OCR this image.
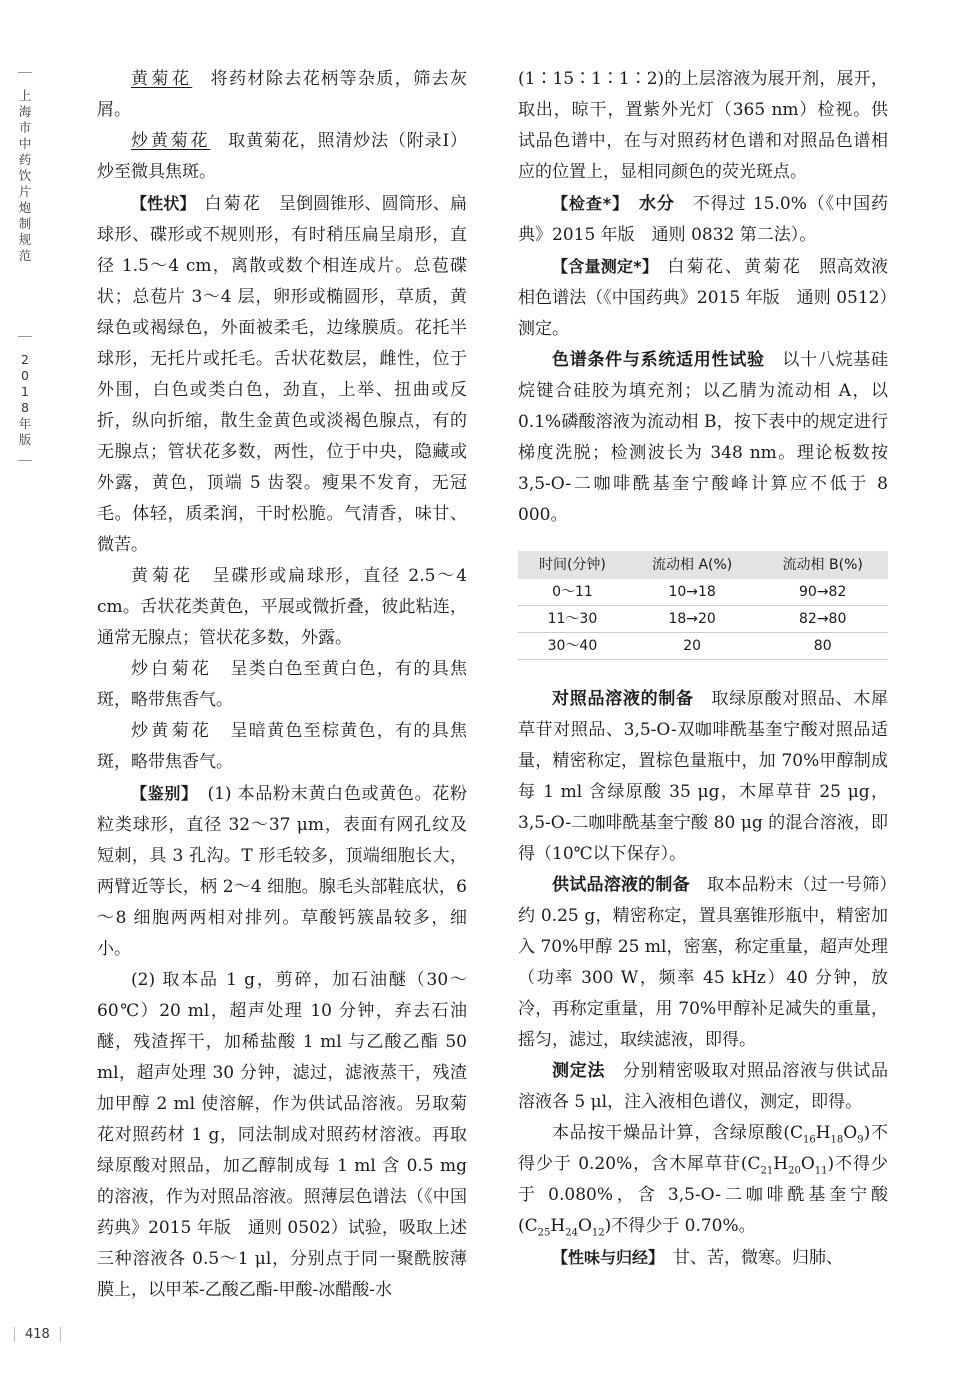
上海市中药饮片炮制规范
2018年版
418

黄菊花　 将药材除去花柄等杂质，筛去灰屑。

炒黄菊花　 取黄菊花，照清炒法（附录Ⅰ）炒至微具焦斑。

【性状】　 白菊花　 呈倒圆锥形、圆筒形、扁球形、碟形或不规则形，有时稍压扁呈扇形，直径 1.5～4 cm，离散或数个相连成片。总苞碟状；总苞片 3～4 层，卵形或椭圆形，草质，黄绿色或褐绿色，外面被柔毛，边缘膜质。花托半球形，无托片或托毛。舌状花数层，雌性，位于外围，白色或类白色，劲直，上举、扭曲或反折，纵向折缩，散生金黄色或淡褐色腺点，有的无腺点；管状花多数，两性，位于中央，隐藏或外露，黄色，顶端 5 齿裂。瘦果不发育，无冠毛。体轻，质柔润，干时松脆。气清香，味甘、微苦。

黄菊花　 呈碟形或扁球形，直径 2.5～4 cm。舌状花类黄色，平展或微折叠，彼此粘连，通常无腺点；管状花多数，外露。

炒白菊花　 呈类白色至黄白色，有的具焦斑，略带焦香气。

炒黄菊花　 呈暗黄色至棕黄色，有的具焦斑，略带焦香气。

【鉴别】　 (1) 本品粉末黄白色或黄色。花粉粒类球形，直径 32～37 μm，表面有网孔纹及短刺，具 3 孔沟。T 形毛较多，顶端细胞长大，两臂近等长，柄 2～4 细胞。腺毛头部鞋底状，6～8 细胞两两相对排列。草酸钙簇晶较多，细小。

(2) 取本品 1 g，剪碎，加石油醚（30～60℃）20 ml，超声处理 10 分钟，弃去石油醚，残渣挥干，加稀盐酸 1 ml 与乙酸乙酯 50 ml，超声处理 30 分钟，滤过，滤液蒸干，残渣加甲醇 2 ml 使溶解，作为供试品溶液。另取菊花对照药材 1 g，同法制成对照药材溶液。再取绿原酸对照品，加乙醇制成每 1 ml 含 0.5 mg 的溶液，作为对照品溶液。照薄层色谱法（《中国药典》2015 年版　通则 0502）试验，吸取上述三种溶液各 0.5～1 μl，分别点于同一聚酰胺薄膜上，以甲苯-乙酸乙酯-甲酸-冰醋酸-水

(1∶15∶1∶1∶2)的上层溶液为展开剂，展开，取出，晾干，置紫外光灯（365 nm）检视。供试品色谱中，在与对照药材色谱和对照品色谱相应的位置上，显相同颜色的荧光斑点。

【检查*】　 水分　 不得过 15.0%（《中国药典》2015 年版　通则 0832 第二法）。

【含量测定*】　 白菊花、黄菊花　 照高效液相色谱法（《中国药典》2015 年版　通则 0512）测定。

色谱条件与系统适用性试验　 以十八烷基硅烷键合硅胶为填充剂；以乙腈为流动相 A，以 0.1%磷酸溶液为流动相 B，按下表中的规定进行梯度洗脱；检测波长为 348 nm。理论板数按 3,5-O-二咖啡酰基奎宁酸峰计算应不低于 8 000。

时间(分钟)	流动相 A(%)	流动相 B(%)
0～11	10→18	90→82
11～30	18→20	82→80
30～40	20	80

对照品溶液的制备　 取绿原酸对照品、木犀草苷对照品、3,5-O-双咖啡酰基奎宁酸对照品适量，精密称定，置棕色量瓶中，加 70%甲醇制成每 1 ml 含绿原酸 35 μg，木犀草苷 25 μg，3,5-O-二咖啡酰基奎宁酸 80 μg 的混合溶液，即得（10℃以下保存）。

供试品溶液的制备　 取本品粉末（过一号筛）约 0.25 g，精密称定，置具塞锥形瓶中，精密加入 70%甲醇 25 ml，密塞，称定重量，超声处理（功率 300 W，频率 45 kHz）40 分钟，放冷，再称定重量，用 70%甲醇补足减失的重量，摇匀，滤过，取续滤液，即得。

测定法　 分别精密吸取对照品溶液与供试品溶液各 5 μl，注入液相色谱仪，测定，即得。

本品按干燥品计算，含绿原酸$(C_{16}H_{18}O_9)$不得少于 0.20%，含木犀草苷$(C_{21}H_{20}O_{11})$不得少于 0.080%，含 3,5-O-二咖啡酰基奎宁酸$(C_{25}H_{24}O_{12})$不得少于 0.70%。

【性味与归经】　 甘、苦，微寒。归肺、
